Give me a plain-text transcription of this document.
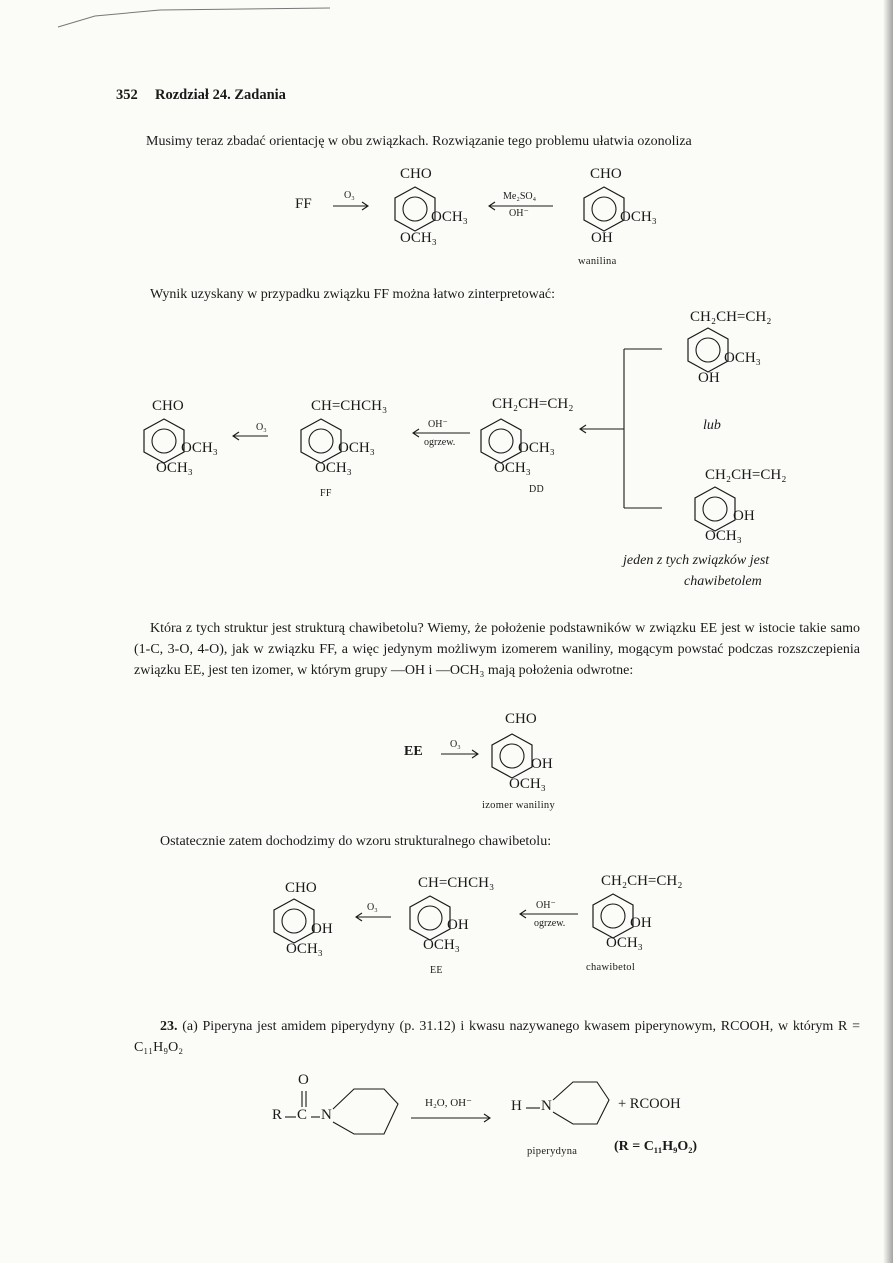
352 Rozdział 24. Zadania
Musimy teraz zbadać orientację w obu związkach. Rozwiązanie tego problemu ułatwia ozonoliza
FF
O₃
CHO
OCH₃
OCH₃
Me₂SO₄
OH⁻
CHO
OCH₃
OH
wanilina
Wynik uzyskany w przypadku związku FF można łatwo zinterpretować:
CHO
OCH₃
OCH₃
O₃
CH=CHCH₃
OCH₃
OCH₃
FF
OH⁻
ogrzew.
CH₂CH=CH₂
OCH₃
OCH₃
DD
CH₂CH=CH₂
OCH₃
OH
lub
CH₂CH=CH₂
OH
OCH₃
jeden z tych związków jest
chawibetolem
Która z tych struktur jest strukturą chawibetolu? Wiemy, że położenie podstawników w związku EE jest w istocie takie samo (1-C, 3-O, 4-O), jak w związku FF, a więc jedynym możliwym izomerem waniliny, mogącym powstać podczas rozszczepienia związku EE, jest ten izomer, w którym grupy —OH i —OCH₃ mają położenia odwrotne:
EE	O₃
CHO
OH
OCH₃
izomer waniliny
Ostatecznie zatem dochodzimy do wzoru strukturalnego chawibetolu:
CHO
OH
OCH₃
O₃
CH=CHCH₃
OH
OCH₃
EE
OH⁻
ogrzew.
CH₂CH=CH₂
OH
OCH₃
chawibetol
23. (a) Piperyna jest amidem piperydyny (p. 31.12) i kwasu nazywanego kwasem piperynowym, RCOOH, w którym R = C₁₁H₉O₂
O
R C N
H₂O, OH⁻	H N	+ RCOOH
piperydyna	(R = C₁₁H₉O₂)
